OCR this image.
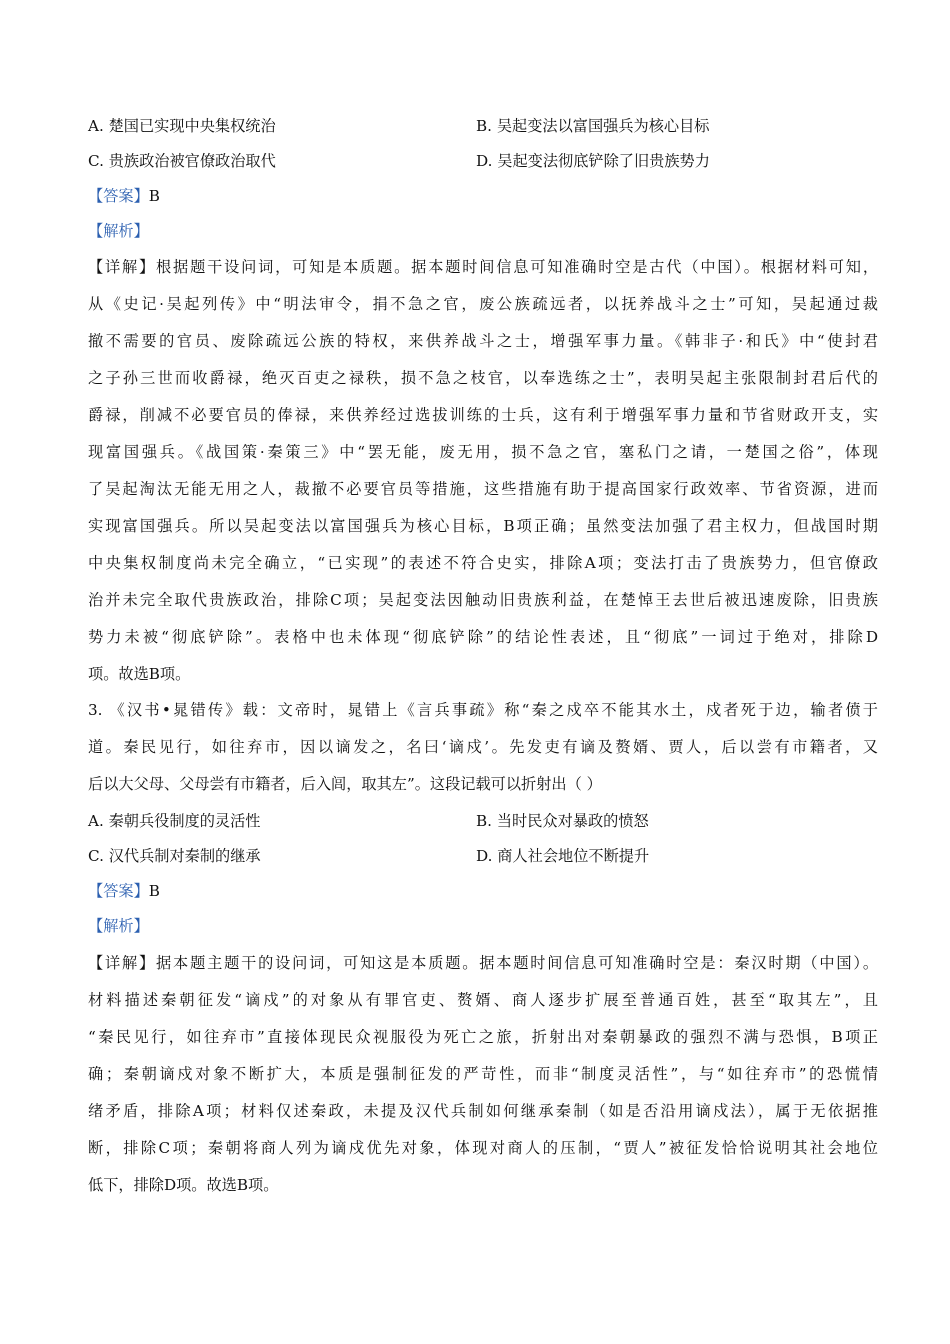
A. 楚国已实现中央集权统治	B. 吴起变法以富国强兵为核心目标
C. 贵族政治被官僚政治取代	D. 吴起变法彻底铲除了旧贵族势力
【答案】B
【解析】
【详解】根据题干设问词，可知是本质题。据本题时间信息可知准确时空是古代（中国）。根据材料可知，
从《史记·吴起列传》中“明法审令，捐不急之官，废公族疏远者，以抚养战斗之士”可知，吴起通过裁
撤不需要的官员、废除疏远公族的特权，来供养战斗之士，增强军事力量。《韩非子·和氏》中“使封君
之子孙三世而收爵禄，绝灭百吏之禄秩，损不急之枝官，以奉选练之士”，表明吴起主张限制封君后代的
爵禄，削减不必要官员的俸禄，来供养经过选拔训练的士兵，这有利于增强军事力量和节省财政开支，实
现富国强兵。《战国策·秦策三》中“罢无能，废无用，损不急之官，塞私门之请，一楚国之俗”，体现
了吴起淘汰无能无用之人，裁撤不必要官员等措施，这些措施有助于提高国家行政效率、节省资源，进而
实现富国强兵。所以吴起变法以富国强兵为核心目标，B项正确；虽然变法加强了君主权力，但战国时期
中央集权制度尚未完全确立，“已实现”的表述不符合史实，排除A项；变法打击了贵族势力，但官僚政
治并未完全取代贵族政治，排除C项；吴起变法因触动旧贵族利益，在楚悼王去世后被迅速废除，旧贵族
势力未被“彻底铲除”。表格中也未体现“彻底铲除”的结论性表述，且“彻底”一词过于绝对，排除D
项。故选B项。
3. 《汉书•晁错传》载：文帝时，晁错上《言兵事疏》称“秦之戍卒不能其水土，戍者死于边，输者偾于
道。秦民见行，如往弃市，因以谪发之，名曰‘谪戍’。先发吏有谪及赘婿、贾人，后以尝有市籍者，又
后以大父母、父母尝有市籍者，后入闾，取其左”。这段记载可以折射出（ ）
A. 秦朝兵役制度的灵活性	B. 当时民众对暴政的愤怒
C. 汉代兵制对秦制的继承	D. 商人社会地位不断提升
【答案】B
【解析】
【详解】据本题主题干的设问词，可知这是本质题。据本题时间信息可知准确时空是：秦汉时期（中国）。
材料描述秦朝征发“谪戍”的对象从有罪官吏、赘婿、商人逐步扩展至普通百姓，甚至“取其左”，且
“秦民见行，如往弃市”直接体现民众视服役为死亡之旅，折射出对秦朝暴政的强烈不满与恐惧，B项正
确；秦朝谪戍对象不断扩大，本质是强制征发的严苛性，而非“制度灵活性”，与“如往弃市”的恐慌情
绪矛盾，排除A项；材料仅述秦政，未提及汉代兵制如何继承秦制（如是否沿用谪戍法），属于无依据推
断，排除C项；秦朝将商人列为谪戍优先对象，体现对商人的压制，“贾人”被征发恰恰说明其社会地位
低下，排除D项。故选B项。
